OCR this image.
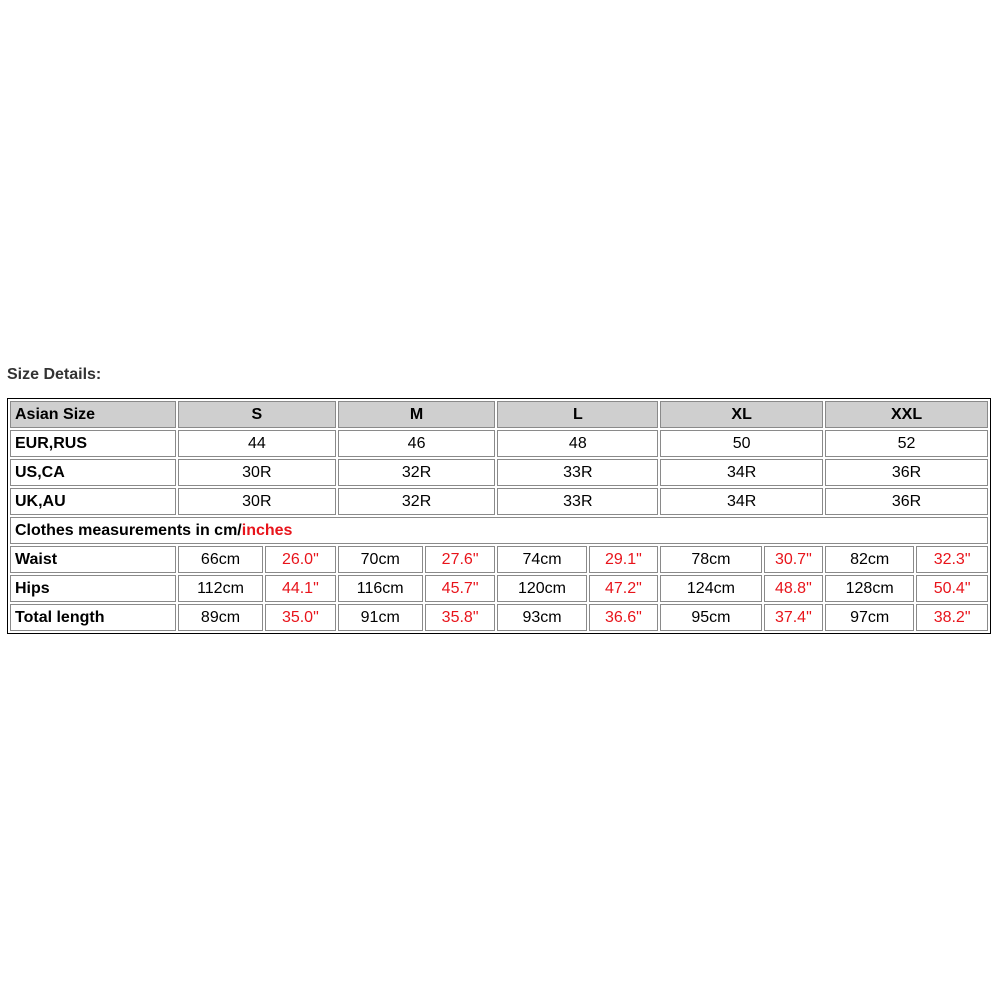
Size Details:
Asian Size	S		M		L		XL		XXL	
EUR,RUS	44		46		48		50		52	
US,CA	30R		32R		33R		34R		36R	
UK,AU	30R		32R		33R		34R		36R	
Clothes measurements in cm/inches										
Waist	66cm	26.0"	70cm	27.6"	74cm	29.1"	78cm	30.7"	82cm	32.3"
Hips	112cm	44.1"	116cm	45.7"	120cm	47.2"	124cm	48.8"	128cm	50.4"
Total length	89cm	35.0"	91cm	35.8"	93cm	36.6"	95cm	37.4"	97cm	38.2"
